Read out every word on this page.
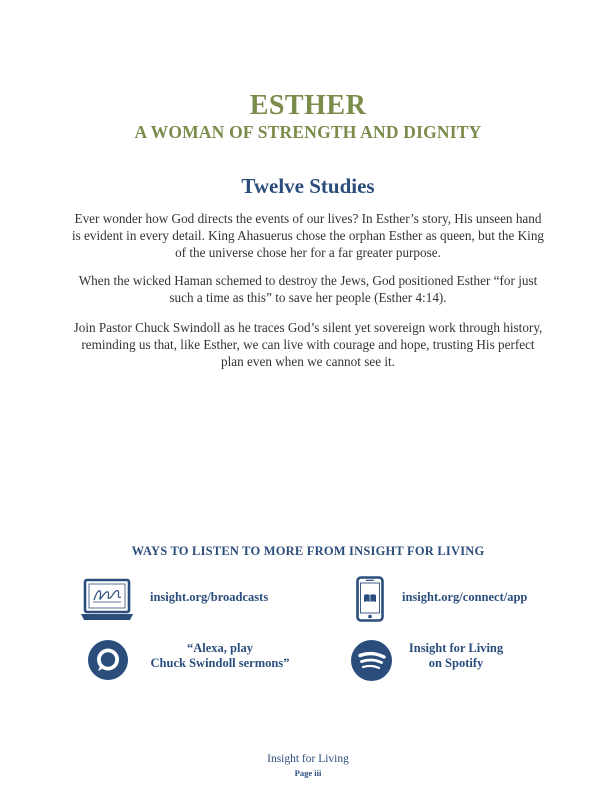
ESTHER
A WOMAN OF STRENGTH AND DIGNITY
Twelve Studies

Ever wonder how God directs the events of our lives? In Esther’s story, His unseen hand is evident in every detail. King Ahasuerus chose the orphan Esther as queen, but the King of the universe chose her for a far greater purpose.

When the wicked Haman schemed to destroy the Jews, God positioned Esther “for just such a time as this” to save her people (Esther 4:14).

Join Pastor Chuck Swindoll as he traces God’s silent yet sovereign work through history, reminding us that, like Esther, we can live with courage and hope, trusting His perfect plan even when we cannot see it.

WAYS TO LISTEN TO MORE FROM INSIGHT FOR LIVING
insight.org/broadcasts	insight.org/connect/app
“Alexa, play
Chuck Swindoll sermons”
Insight for Living
on Spotify

Insight for Living

Page iii
